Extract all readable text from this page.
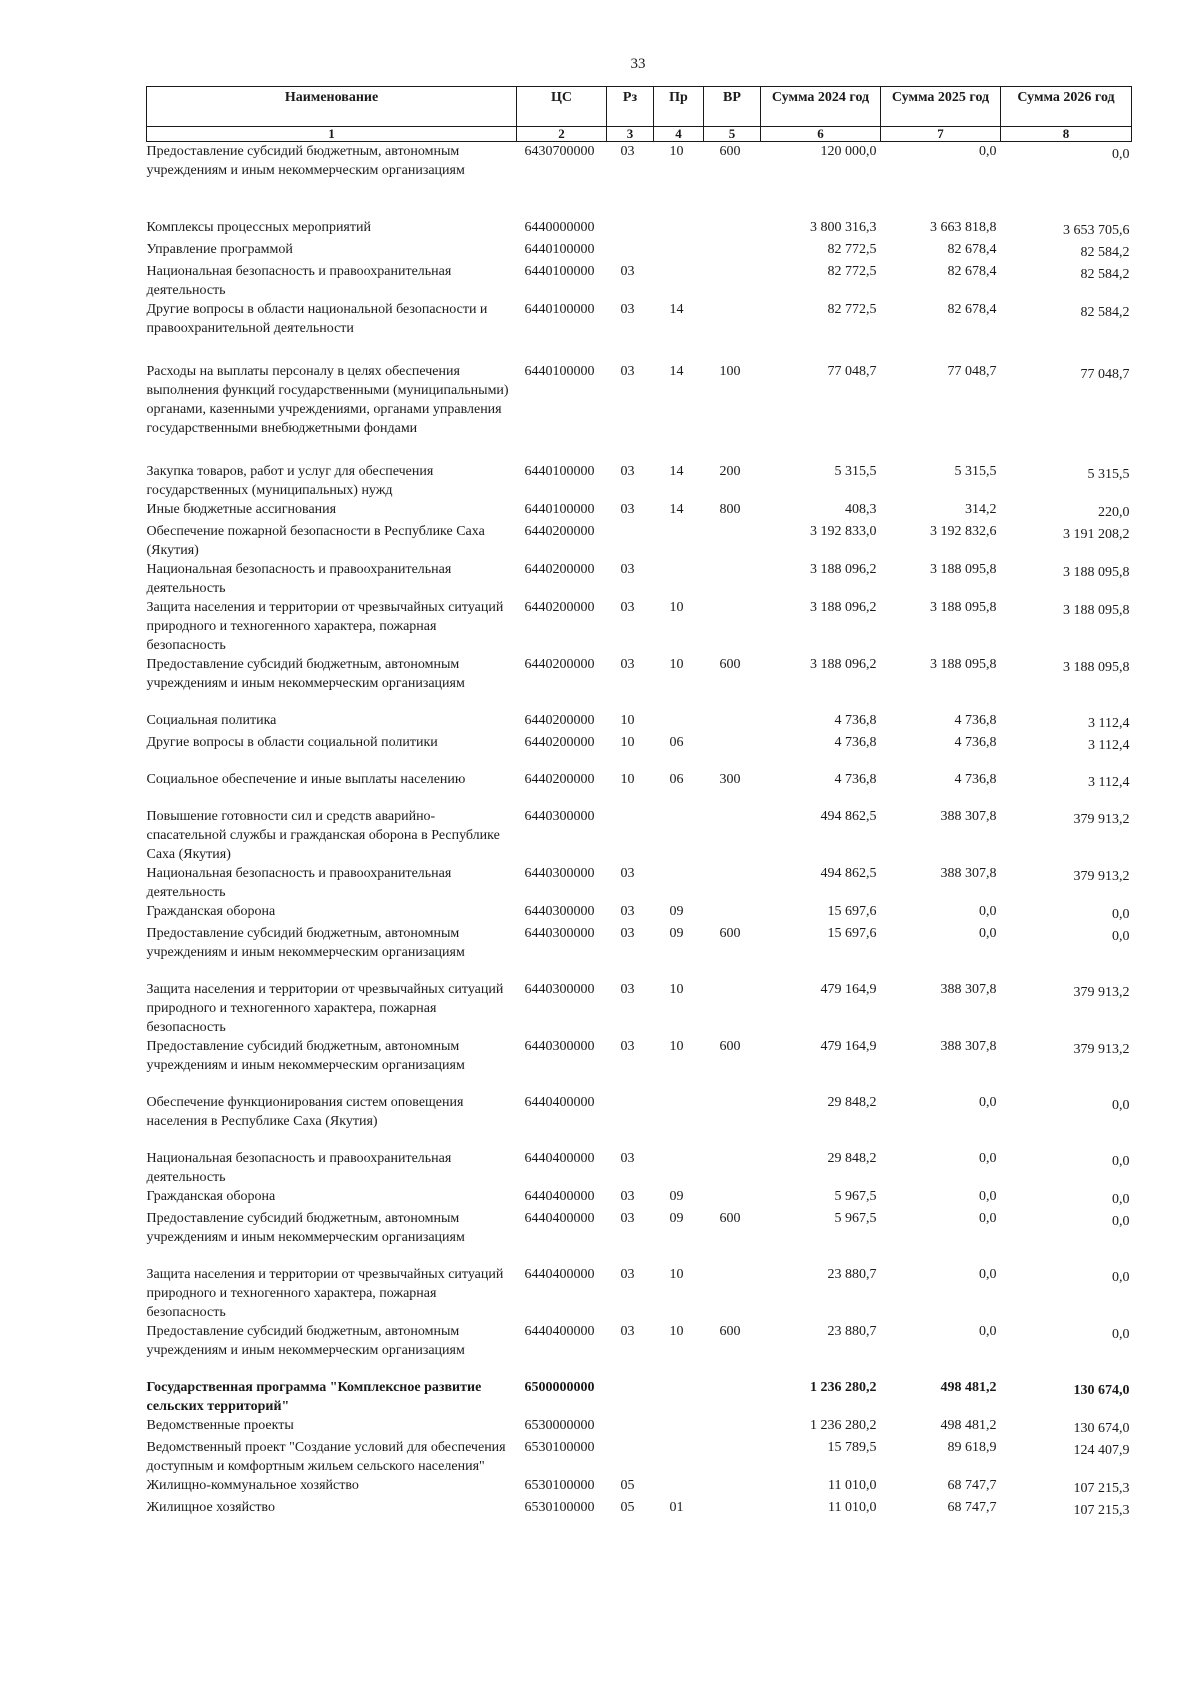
33
Наименование	ЦС	Рз	Пр	ВР	Сумма 2024 год	Сумма 2025 год	Сумма 2026 год
1	2	3	4	5	6	7	8
Предоставление субсидий бюджетным, автономным учреждениям и иным некоммерческим организациям	6430700000	03	10	600	120 000,0	0,0	0,0
Комплексы процессных мероприятий	6440000000				3 800 316,3	3 663 818,8	3 653 705,6
Управление программой	6440100000				82 772,5	82 678,4	82 584,2
Национальная безопасность и правоохранительная деятельность	6440100000	03			82 772,5	82 678,4	82 584,2
Другие вопросы в области национальной безопасности и правоохранительной деятельности	6440100000	03	14		82 772,5	82 678,4	82 584,2
Расходы на выплаты персоналу в целях обеспечения выполнения функций государственными (муниципальными) органами, казенными учреждениями, органами управления государственными внебюджетными фондами	6440100000	03	14	100	77 048,7	77 048,7	77 048,7
Закупка товаров, работ и услуг для обеспечения государственных (муниципальных) нужд	6440100000	03	14	200	5 315,5	5 315,5	5 315,5
Иные бюджетные ассигнования	6440100000	03	14	800	408,3	314,2	220,0
Обеспечение пожарной безопасности в Республике Саха (Якутия)	6440200000				3 192 833,0	3 192 832,6	3 191 208,2
Национальная безопасность и правоохранительная деятельность	6440200000	03			3 188 096,2	3 188 095,8	3 188 095,8
Защита населения и территории от чрезвычайных ситуаций природного и техногенного характера, пожарная безопасность	6440200000	03	10		3 188 096,2	3 188 095,8	3 188 095,8
Предоставление субсидий бюджетным, автономным учреждениям и иным некоммерческим организациям	6440200000	03	10	600	3 188 096,2	3 188 095,8	3 188 095,8
Социальная политика	6440200000	10			4 736,8	4 736,8	3 112,4
Другие вопросы в области социальной политики	6440200000	10	06		4 736,8	4 736,8	3 112,4
Социальное обеспечение и иные выплаты населению	6440200000	10	06	300	4 736,8	4 736,8	3 112,4
Повышение готовности сил и средств аварийно-спасательной службы и гражданская оборона в Республике Саха (Якутия)	6440300000				494 862,5	388 307,8	379 913,2
Национальная безопасность и правоохранительная деятельность	6440300000	03			494 862,5	388 307,8	379 913,2
Гражданская оборона	6440300000	03	09		15 697,6	0,0	0,0
Предоставление субсидий бюджетным, автономным учреждениям и иным некоммерческим организациям	6440300000	03	09	600	15 697,6	0,0	0,0
Защита населения и территории от чрезвычайных ситуаций природного и техногенного характера, пожарная безопасность	6440300000	03	10		479 164,9	388 307,8	379 913,2
Предоставление субсидий бюджетным, автономным учреждениям и иным некоммерческим организациям	6440300000	03	10	600	479 164,9	388 307,8	379 913,2
Обеспечение функционирования систем оповещения населения в Республике Саха (Якутия)	6440400000				29 848,2	0,0	0,0
Национальная безопасность и правоохранительная деятельность	6440400000	03			29 848,2	0,0	0,0
Гражданская оборона	6440400000	03	09		5 967,5	0,0	0,0
Предоставление субсидий бюджетным, автономным учреждениям и иным некоммерческим организациям	6440400000	03	09	600	5 967,5	0,0	0,0
Защита населения и территории от чрезвычайных ситуаций природного и техногенного характера, пожарная безопасность	6440400000	03	10		23 880,7	0,0	0,0
Предоставление субсидий бюджетным, автономным учреждениям и иным некоммерческим организациям	6440400000	03	10	600	23 880,7	0,0	0,0
Государственная программа "Комплексное развитие сельских территорий"	6500000000				1 236 280,2	498 481,2	130 674,0
Ведомственные проекты	6530000000				1 236 280,2	498 481,2	130 674,0
Ведомственный проект "Создание условий для обеспечения доступным и комфортным жильем сельского населения"	6530100000				15 789,5	89 618,9	124 407,9
Жилищно-коммунальное хозяйство	6530100000	05			11 010,0	68 747,7	107 215,3
Жилищное хозяйство	6530100000	05	01		11 010,0	68 747,7	107 215,3
